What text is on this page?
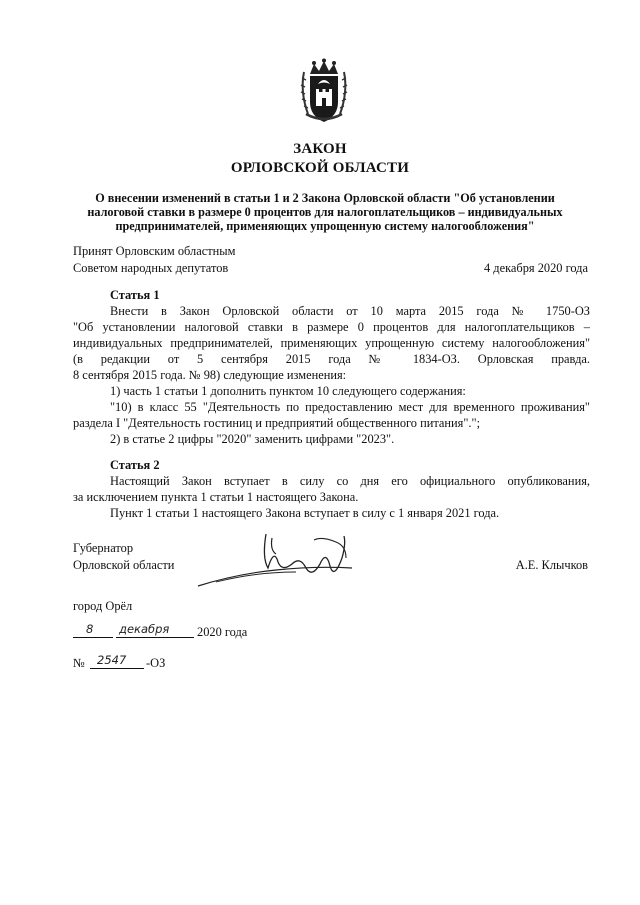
ЗАКОН
ОРЛОВСКОЙ ОБЛАСТИ
О внесении изменений в статьи 1 и 2 Закона Орловской области "Об установлении
налоговой ставки в размере 0 процентов для налогоплательщиков – индивидуальных
предпринимателей, применяющих упрощенную систему налогообложения"
Принят Орловским областным
Советом народных депутатов	4 декабря 2020 года
Статья 1
Внести в Закон Орловской области от 10 марта 2015 года № 1750-ОЗ
"Об установлении налоговой ставки в размере 0 процентов для налогоплательщиков –
индивидуальных предпринимателей, применяющих упрощенную систему налогообложения"
(в редакции от 5 сентября 2015 года № 1834-ОЗ. Орловская правда.
8 сентября 2015 года. № 98) следующие изменения:
1) часть 1 статьи 1 дополнить пунктом 10 следующего содержания:
"10) в класс 55 "Деятельность по предоставлению мест для временного проживания"
раздела I "Деятельность гостиниц и предприятий общественного питания".";
2) в статье 2 цифры "2020" заменить цифрами "2023".
Статья 2
Настоящий Закон вступает в силу со дня его официального опубликования,
за исключением пункта 1 статьи 1 настоящего Закона.
Пункт 1 статьи 1 настоящего Закона вступает в силу с 1 января 2021 года.
Губернатор
Орловской области	А.Е. Клычков
город Орёл
8 декабря 2020 года
№ 2547 -ОЗ
